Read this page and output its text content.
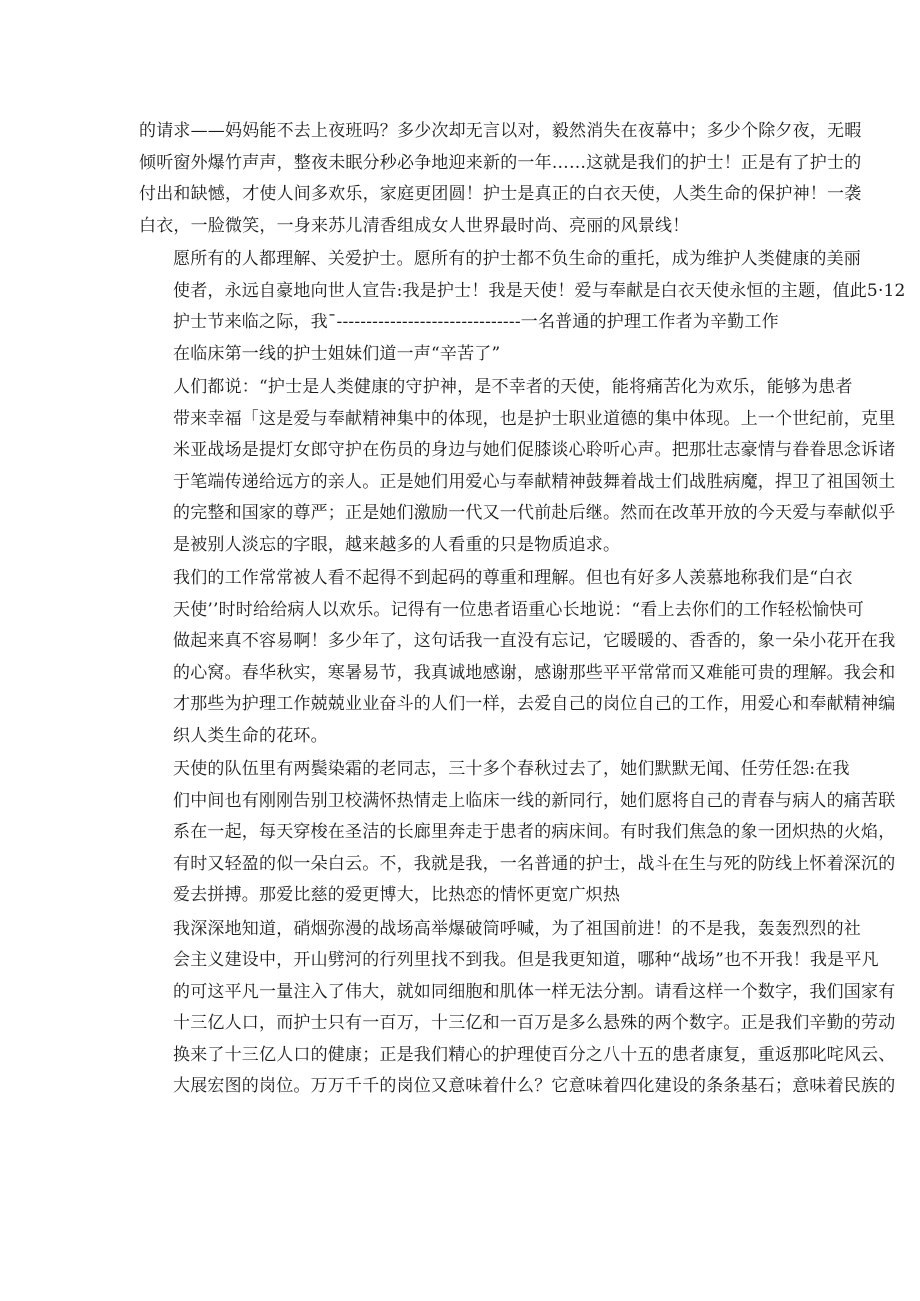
的请求——妈妈能不去上夜班吗？多少次却无言以对，毅然消失在夜幕中；多少个除夕夜，无暇
倾听窗外爆竹声声，整夜未眠分秒必争地迎来新的一年……这就是我们的护士！正是有了护士的
付出和缺憾，才使人间多欢乐，家庭更团圆！护士是真正的白衣天使，人类生命的保护神！一袭
白衣，一脸微笑，一身来苏儿清香组成女人世界最时尚、亮丽的风景线！
愿所有的人都理解、关爱护士。愿所有的护士都不负生命的重托，成为维护人类健康的美丽
使者，永远自豪地向世人宣告:我是护士！我是天使！爱与奉献是白衣天使永恒的主题，值此5·12
护士节来临之际，我ˉ-------------------------------一名普通的护理工作者为辛勤工作
在临床第一线的护士姐妹们道一声“辛苦了”
人们都说：“护士是人类健康的守护神，是不幸者的天使，能将痛苦化为欢乐，能够为患者
带来幸福「这是爱与奉献精神集中的体现，也是护士职业道德的集中体现。上一个世纪前，克里
米亚战场是提灯女郎守护在伤员的身边与她们促膝谈心聆听心声。把那壮志豪情与眷眷思念诉诸
于笔端传递给远方的亲人。正是她们用爱心与奉献精神鼓舞着战士们战胜病魔，捍卫了祖国领土
的完整和国家的尊严；正是她们激励一代又一代前赴后继。然而在改革开放的今天爱与奉献似乎
是被别人淡忘的字眼，越来越多的人看重的只是物质追求。
我们的工作常常被人看不起得不到起码的尊重和理解。但也有好多人羡慕地称我们是“白衣
天使’’时时给给病人以欢乐。记得有一位患者语重心长地说：“看上去你们的工作轻松愉快可
做起来真不容易啊！多少年了，这句话我一直没有忘记，它暖暖的、香香的，象一朵小花开在我
的心窝。春华秋实，寒暑易节，我真诚地感谢，感谢那些平平常常而又难能可贵的理解。我会和
才那些为护理工作兢兢业业奋斗的人们一样，去爱自己的岗位自己的工作，用爱心和奉献精神编
织人类生命的花环。
天使的队伍里有两鬓染霜的老同志，三十多个春秋过去了，她们默默无闻、任劳任怨:在我
们中间也有刚刚告别卫校满怀热情走上临床一线的新同行，她们愿将自己的青春与病人的痛苦联
系在一起，每天穿梭在圣洁的长廊里奔走于患者的病床间。有时我们焦急的象一团炽热的火焰，
有时又轻盈的似一朵白云。不，我就是我，一名普通的护士，战斗在生与死的防线上怀着深沉的
爱去拼搏。那爱比慈的爱更博大，比热恋的情怀更宽广炽热
我深深地知道，硝烟弥漫的战场高举爆破筒呼喊，为了祖国前进！的不是我，轰轰烈烈的社
会主义建设中，开山劈河的行列里找不到我。但是我更知道，哪种“战场”也不开我！我是平凡
的可这平凡一量注入了伟大，就如同细胞和肌体一样无法分割。请看这样一个数字，我们国家有
十三亿人口，而护士只有一百万，十三亿和一百万是多么悬殊的两个数字。正是我们辛勤的劳动
换来了十三亿人口的健康；正是我们精心的护理使百分之八十五的患者康复，重返那叱咤风云、
大展宏图的岗位。万万千千的岗位又意味着什么？它意味着四化建设的条条基石；意味着民族的
